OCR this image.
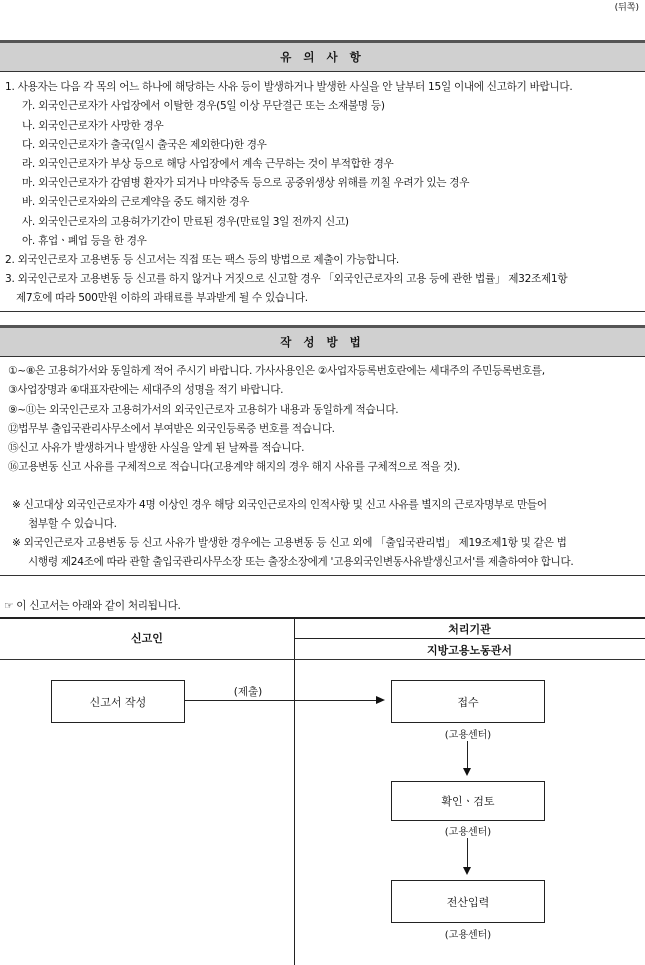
(뒤쪽)
유 의 사 항
1. 사용자는 다음 각 목의 어느 하나에 해당하는 사유 등이 발생하거나 발생한 사실을 안 날부터 15일 이내에 신고하기 바랍니다.
가. 외국인근로자가 사업장에서 이탈한 경우(5일 이상 무단결근 또는 소재불명 등)
나. 외국인근로자가 사망한 경우
다. 외국인근로자가 출국(일시 출국은 제외한다)한 경우
라. 외국인근로자가 부상 등으로 해당 사업장에서 계속 근무하는 것이 부적합한 경우
마. 외국인근로자가 감염병 환자가 되거나 마약중독 등으로 공중위생상 위해를 끼칠 우려가 있는 경우
바. 외국인근로자와의 근로계약을 중도 해지한 경우
사. 외국인근로자의 고용허가기간이 만료된 경우(만료일 3일 전까지 신고)
아. 휴업ㆍ폐업 등을 한 경우
2. 외국인근로자 고용변동 등 신고서는 직접 또는 팩스 등의 방법으로 제출이 가능합니다.
3. 외국인근로자 고용변동 등 신고를 하지 않거나 거짓으로 신고할 경우 「외국인근로자의 고용 등에 관한 법률」 제32조제1항
제7호에 따라 500만원 이하의 과태료를 부과받게 될 수 있습니다.
작 성 방 법
①~⑧은 고용허가서와 동일하게 적어 주시기 바랍니다. 가사사용인은 ②사업자등록번호란에는 세대주의 주민등록번호를,
③사업장명과 ④대표자란에는 세대주의 성명을 적기 바랍니다.
⑨~⑪는 외국인근로자 고용허가서의 외국인근로자 고용허가 내용과 동일하게 적습니다.
⑫법무부 출입국관리사무소에서 부여받은 외국인등록증 번호를 적습니다.
⑮신고 사유가 발생하거나 발생한 사실을 알게 된 날짜를 적습니다.
⑯고용변동 신고 사유를 구체적으로 적습니다(고용계약 해지의 경우 해지 사유를 구체적으로 적을 것).
※ 신고대상 외국인근로자가 4명 이상인 경우 해당 외국인근로자의 인적사항 및 신고 사유를 별지의 근로자명부로 만들어
첨부할 수 있습니다.
※ 외국인근로자 고용변동 등 신고 사유가 발생한 경우에는 고용변동 등 신고 외에 「출입국관리법」 제19조제1항 및 같은 법
시행령 제24조에 따라 관할 출입국관리사무소장 또는 출장소장에게 '고용외국인변동사유발생신고서'를 제출하여야 합니다.
☞ 이 신고서는 아래와 같이 처리됩니다.
신고인
처리기관
지방고용노동관서
신고서 작성
(제출)
접수
(고용센터)
확인ㆍ검토
(고용센터)
전산입력
(고용센터)
